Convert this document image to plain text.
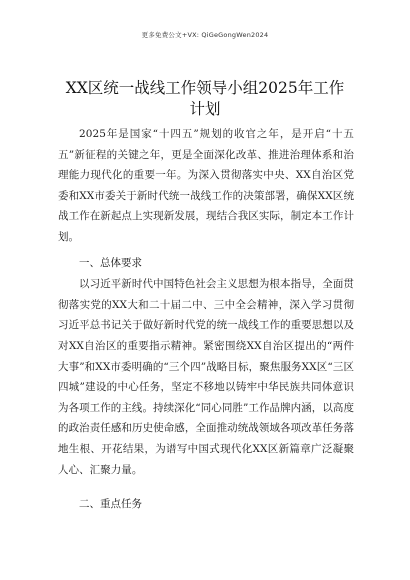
更多免费公文+VX: QiGeGongWen2024
XX区统一战线工作领导小组2025年工作计划

2025年是国家“十四五”规划的收官之年，是开启“十五五”新征程的关键之年，更是全面深化改革、推进治理体系和治理能力现代化的重要一年。为深入贯彻落实中央、XX自治区党委和XX市委关于新时代统一战线工作的决策部署，确保XX区统战工作在新起点上实现新发展，现结合我区实际，制定本工作计划。

一、总体要求

以习近平新时代中国特色社会主义思想为根本指导，全面贯彻落实党的XX大和二十届二中、三中全会精神，深入学习贯彻习近平总书记关于做好新时代党的统一战线工作的重要思想以及对XX自治区的重要指示精神。紧密围绕XX自治区提出的“两件大事”和XX市委明确的“三个四”战略目标，聚焦服务XX区“三区四城”建设的中心任务，坚定不移地以铸牢中华民族共同体意识为各项工作的主线。持续深化“同心同胜”工作品牌内涵，以高度的政治责任感和历史使命感，全面推动统战领域各项改革任务落地生根、开花结果，为谱写中国式现代化XX区新篇章广泛凝聚人心、汇聚力量。

二、重点任务
